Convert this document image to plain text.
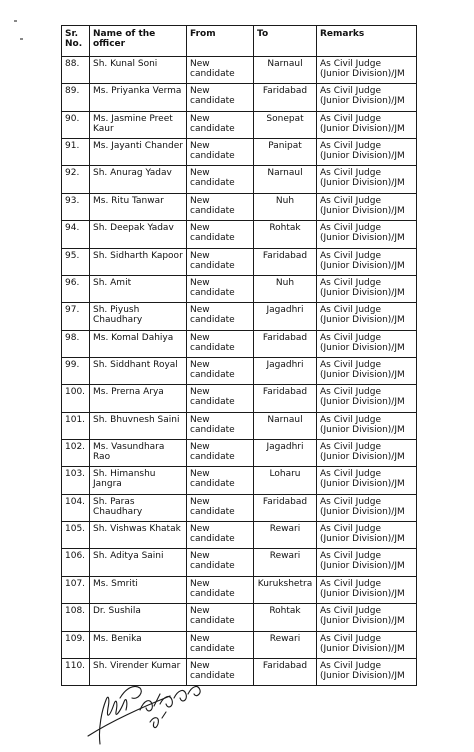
Sr. No.	Name of the officer	From	To	Remarks
88.	Sh. Kunal Soni	New candidate	Narnaul	As Civil Judge (Junior Division)/JM
89.	Ms. Priyanka Verma	New candidate	Faridabad	As Civil Judge (Junior Division)/JM
90.	Ms. Jasmine Preet Kaur	New candidate	Sonepat	As Civil Judge (Junior Division)/JM
91.	Ms. Jayanti Chander	New candidate	Panipat	As Civil Judge (Junior Division)/JM
92.	Sh. Anurag Yadav	New candidate	Narnaul	As Civil Judge (Junior Division)/JM
93.	Ms. Ritu Tanwar	New candidate	Nuh	As Civil Judge (Junior Division)/JM
94.	Sh. Deepak Yadav	New candidate	Rohtak	As Civil Judge (Junior Division)/JM
95.	Sh. Sidharth Kapoor	New candidate	Faridabad	As Civil Judge (Junior Division)/JM
96.	Sh. Amit	New candidate	Nuh	As Civil Judge (Junior Division)/JM
97.	Sh. Piyush Chaudhary	New candidate	Jagadhri	As Civil Judge (Junior Division)/JM
98.	Ms. Komal Dahiya	New candidate	Faridabad	As Civil Judge (Junior Division)/JM
99.	Sh. Siddhant Royal	New candidate	Jagadhri	As Civil Judge (Junior Division)/JM
100.	Ms. Prerna Arya	New candidate	Faridabad	As Civil Judge (Junior Division)/JM
101.	Sh. Bhuvnesh Saini	New candidate	Narnaul	As Civil Judge (Junior Division)/JM
102.	Ms. Vasundhara Rao	New candidate	Jagadhri	As Civil Judge (Junior Division)/JM
103.	Sh. Himanshu Jangra	New candidate	Loharu	As Civil Judge (Junior Division)/JM
104.	Sh. Paras Chaudhary	New candidate	Faridabad	As Civil Judge (Junior Division)/JM
105.	Sh. Vishwas Khatak	New candidate	Rewari	As Civil Judge (Junior Division)/JM
106.	Sh. Aditya Saini	New candidate	Rewari	As Civil Judge (Junior Division)/JM
107.	Ms. Smriti	New candidate	Kurukshetra	As Civil Judge (Junior Division)/JM
108.	Dr. Sushila	New candidate	Rohtak	As Civil Judge (Junior Division)/JM
109.	Ms. Benika	New candidate	Rewari	As Civil Judge (Junior Division)/JM
110.	Sh. Virender Kumar	New candidate	Faridabad	As Civil Judge (Junior Division)/JM
